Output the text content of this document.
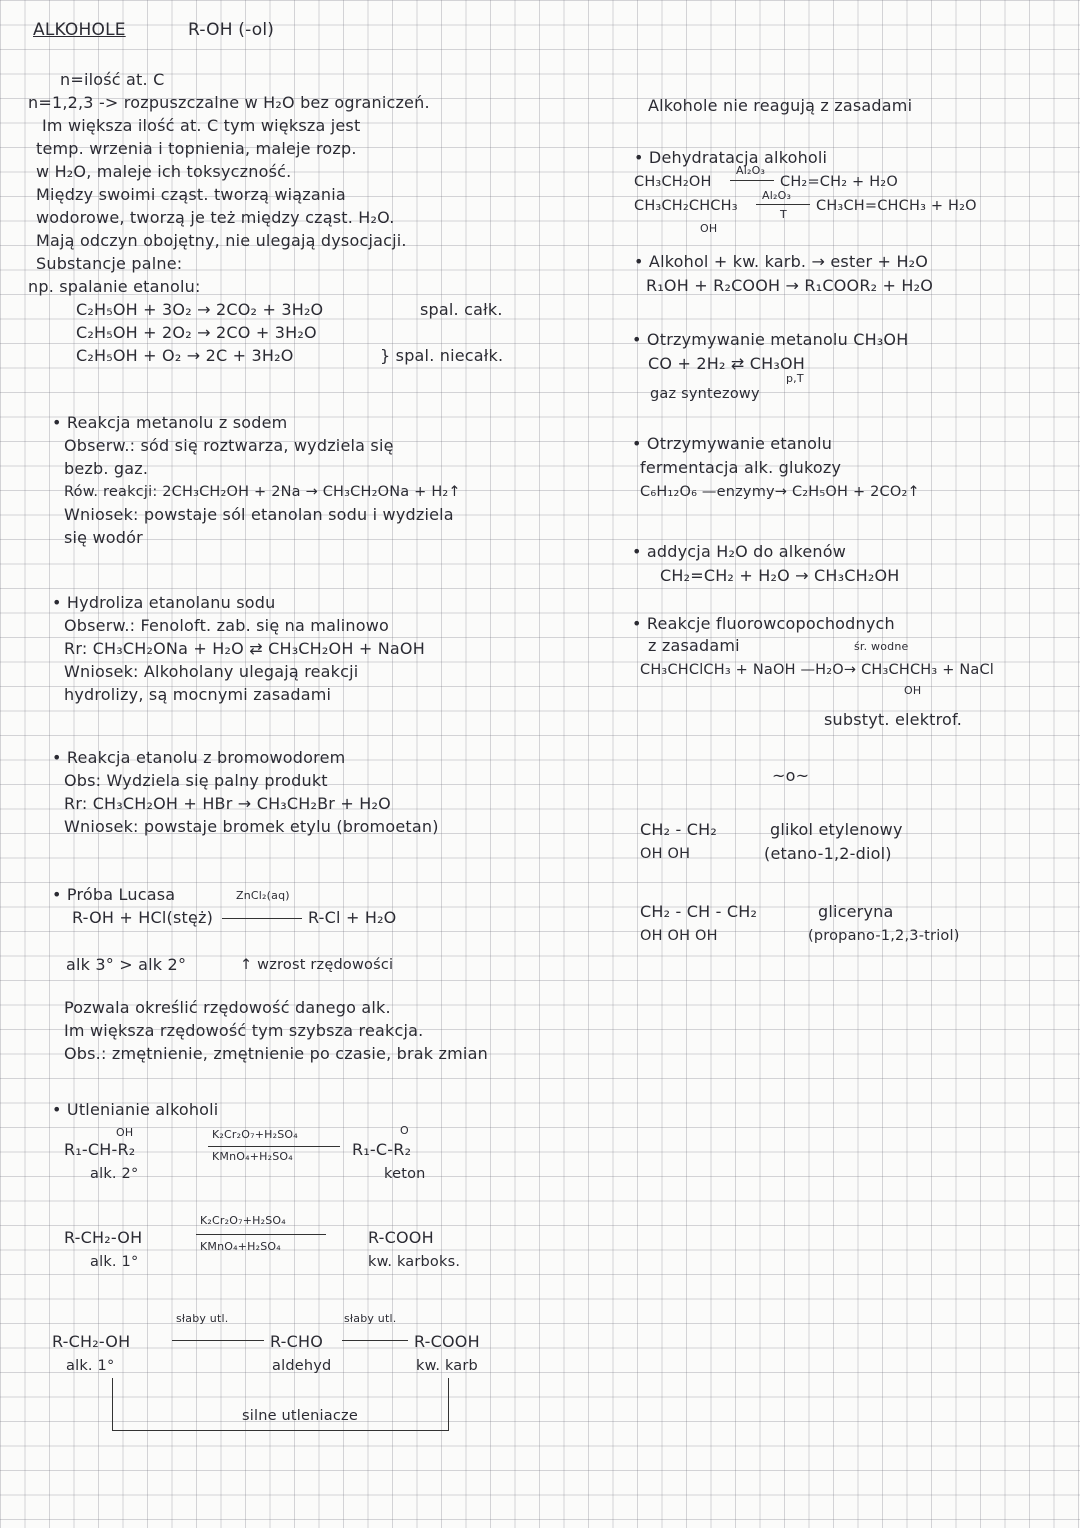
ALKOHOLE	R-OH (-ol)
n=ilość at. C
n=1,2,3 -> rozpuszczalne w H₂O bez ograniczeń.
Im większa ilość at. C tym większa jest
temp. wrzenia i topnienia, maleje rozp.
w H₂O, maleje ich toksyczność.
Między swoimi cząst. tworzą wiązania
wodorowe, tworzą je też między cząst. H₂O.
Mają odczyn obojętny, nie ulegają dysocjacji.
Substancje palne:
np. spalanie etanolu:
C₂H₅OH + 3O₂ → 2CO₂ + 3H₂O	spal. całk.
C₂H₅OH + 2O₂ → 2CO + 3H₂O
C₂H₅OH + O₂ → 2C + 3H₂O	} spal. niecałk.
• Reakcja metanolu z sodem
Obserw.: sód się roztwarza, wydziela się
bezb. gaz.
Rów. reakcji: 2CH₃CH₂OH + 2Na → CH₃CH₂ONa + H₂↑
Wniosek: powstaje sól etanolan sodu i wydziela
się wodór
• Hydroliza etanolanu sodu
Obserw.: Fenoloft. zab. się na malinowo
Rr: CH₃CH₂ONa + H₂O ⇄ CH₃CH₂OH + NaOH
Wniosek: Alkoholany ulegają reakcji
hydrolizy, są mocnymi zasadami
• Reakcja etanolu z bromowodorem
Obs: Wydziela się palny produkt
Rr: CH₃CH₂OH + HBr → CH₃CH₂Br + H₂O
Wniosek: powstaje bromek etylu (bromoetan)
• Próba Lucasa	ZnCl₂(aq)
R-OH + HCl(stęż)	R-Cl + H₂O
alk 3° > alk 2°	↑ wzrost rzędowości
Pozwala określić rzędowość danego alk.
Im większa rzędowość tym szybsza reakcja.
Obs.: zmętnienie, zmętnienie po czasie, brak zmian
• Utlenianie alkoholi
OH
R₁-CH-R₂
K₂Cr₂O₇+H₂SO₄
KMnO₄+H₂SO₄
O
R₁-C-R₂
alk. 2°	keton
R-CH₂-OH
K₂Cr₂O₇+H₂SO₄
KMnO₄+H₂SO₄	R-COOH
alk. 1°	kw. karboks.
słaby utl.
R-CH₂-OH	R-CHO
słaby utl.
R-COOH
alk. 1°	aldehyd	kw. karb
silne utleniacze
Alkohole nie reagują z zasadami
• Dehydratacja alkoholi
CH₃CH₂OH
Al₂O₃
CH₂=CH₂ + H₂O
CH₃CH₂CHCH₃
Al₂O₃
T
CH₃CH=CHCH₃ + H₂O
OH
• Alkohol + kw. karb. → ester + H₂O
R₁OH + R₂COOH → R₁COOR₂ + H₂O
• Otrzymywanie metanolu CH₃OH
CO + 2H₂ ⇄ CH₃OH
p,T
gaz syntezowy
• Otrzymywanie etanolu
fermentacja alk. glukozy
C₆H₁₂O₆ —enzymy→ C₂H₅OH + 2CO₂↑
• addycja H₂O do alkenów
CH₂=CH₂ + H₂O → CH₃CH₂OH
• Reakcje fluorowcopochodnych
z zasadami	śr. wodne
CH₃CHClCH₃ + NaOH —H₂O→ CH₃CHCH₃ + NaCl
OH
substyt. elektrof.
~o~
CH₂ - CH₂
OH OH
glikol etylenowy
(etano-1,2-diol)
CH₂ - CH - CH₂
OH OH OH
gliceryna
(propano-1,2,3-triol)
